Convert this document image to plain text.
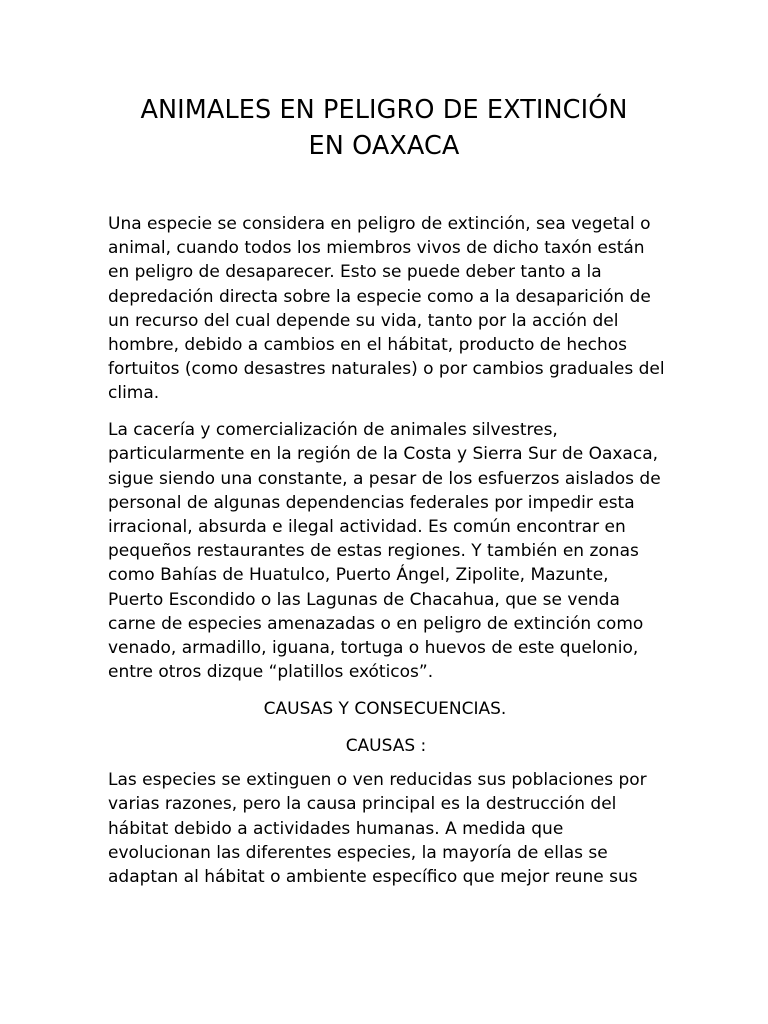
ANIMALES EN PELIGRO DE EXTINCIÓN
EN OAXACA

Una especie se considera en peligro de extinción, sea vegetal o animal, cuando todos los miembros vivos de dicho taxón están en peligro de desaparecer. Esto se puede deber tanto a la depredación directa sobre la especie como a la desaparición de un recurso del cual depende su vida, tanto por la acción del hombre, debido a cambios en el hábitat, producto de hechos fortuitos (como desastres naturales) o por cambios graduales del clima.

La cacería y comercialización de animales silvestres, particularmente en la región de la Costa y Sierra Sur de Oaxaca, sigue siendo una constante, a pesar de los esfuerzos aislados de personal de algunas dependencias federales por impedir esta irracional, absurda e ilegal actividad. Es común encontrar en pequeños restaurantes de estas regiones. Y también en zonas como Bahías de Huatulco, Puerto Ángel, Zipolite, Mazunte, Puerto Escondido o las Lagunas de Chacahua, que se venda carne de especies amenazadas o en peligro de extinción como venado, armadillo, iguana, tortuga o huevos de este quelonio, entre otros dizque “platillos exóticos”.

CAUSAS Y CONSECUENCIAS.

CAUSAS :

Las especies se extinguen o ven reducidas sus poblaciones por varias razones, pero la causa principal es la destrucción del hábitat debido a actividades humanas. A medida que evolucionan las diferentes especies, la mayoría de ellas se adaptan al hábitat o ambiente específico que mejor reune sus
